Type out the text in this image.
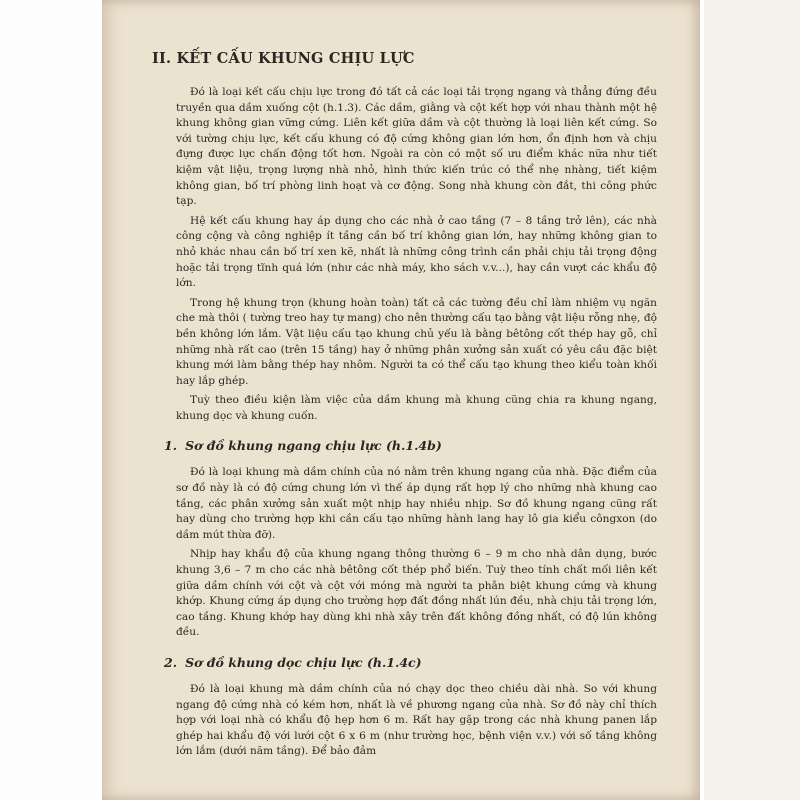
II. KẾT CẤU KHUNG CHỊU LỰC

Đó là loại kết cấu chịu lực trong đó tất cả các loại tải trọng ngang và thẳng đứng đều truyền qua dầm xuống cột (h.1.3). Các dầm, giằng và cột kết hợp với nhau thành một hệ khung không gian vững cứng. Liên kết giữa dầm và cột thường là loại liên kết cứng. So với tường chịu lực, kết cấu khung có độ cứng không gian lớn hơn, ổn định hơn và chịu đựng được lực chấn động tốt hơn. Ngoài ra còn có một số ưu điểm khác nữa như tiết kiệm vật liệu, trọng lượng nhà nhỏ, hình thức kiến trúc có thể nhẹ nhàng, tiết kiệm không gian, bố trí phòng linh hoạt và cơ động. Song nhà khung còn đắt, thi công phức tạp.

Hệ kết cấu khung hay áp dụng cho các nhà ở cao tầng (7 – 8 tầng trở lên), các nhà công cộng và công nghiệp ít tầng cần bố trí không gian lớn, hay những không gian to nhỏ khác nhau cần bố trí xen kẽ, nhất là những công trình cần phải chịu tải trọng động hoặc tải trọng tĩnh quá lớn (như các nhà máy, kho sách v.v...), hay cần vượt các khẩu độ lớn.

Trong hệ khung trọn (khung hoàn toàn) tất cả các tường đều chỉ làm nhiệm vụ ngăn che mà thôi ( tường treo hay tự mang) cho nên thường cấu tạo bằng vật liệu rỗng nhẹ, độ bền không lớn lắm. Vật liệu cấu tạo khung chủ yếu là bằng bêtông cốt thép hay gỗ, chỉ những nhà rất cao (trên 15 tầng) hay ở những phân xưởng sản xuất có yêu cầu đặc biệt khung mới làm bằng thép hay nhôm. Người ta có thể cấu tạo khung theo kiểu toàn khối hay lắp ghép.

Tuỳ theo điều kiện làm việc của dầm khung mà khung cũng chia ra khung ngang, khung dọc và khung cuốn.

1. Sơ đồ khung ngang chịu lực (h.1.4b)

Đó là loại khung mà dầm chính của nó nằm trên khung ngang của nhà. Đặc điểm của sơ đồ này là có độ cứng chung lớn vì thế áp dụng rất hợp lý cho những nhà khung cao tầng, các phân xưởng sản xuất một nhịp hay nhiều nhịp. Sơ đồ khung ngang cũng rất hay dùng cho trường hợp khi cần cấu tạo những hành lang hay lô gia kiểu côngxon (do dầm mút thừa đỡ).

Nhịp hay khẩu độ của khung ngang thông thường 6 – 9 m cho nhà dân dụng, bước khung 3,6 – 7 m cho các nhà bêtông cốt thép phổ biến. Tuỳ theo tính chất mối liên kết giữa dầm chính với cột và cột với móng mà người ta phân biệt khung cứng và khung khớp. Khung cứng áp dụng cho trường hợp đất đồng nhất lún đều, nhà chịu tải trọng lớn, cao tầng. Khung khớp hay dùng khi nhà xây trên đất không đồng nhất, có độ lún không đều.

2. Sơ đồ khung dọc chịu lực (h.1.4c)

Đó là loại khung mà dầm chính của nó chạy dọc theo chiều dài nhà. So với khung ngang độ cứng nhà có kém hơn, nhất là về phương ngang của nhà. Sơ đồ này chỉ thích hợp với loại nhà có khẩu độ hẹp hơn 6 m. Rất hay gặp trong các nhà khung panen lắp ghép hai khẩu độ với lưới cột 6 x 6 m (như trường học, bệnh viện v.v.) với số tầng không lớn lắm (dưới năm tầng). Để bảo đảm
